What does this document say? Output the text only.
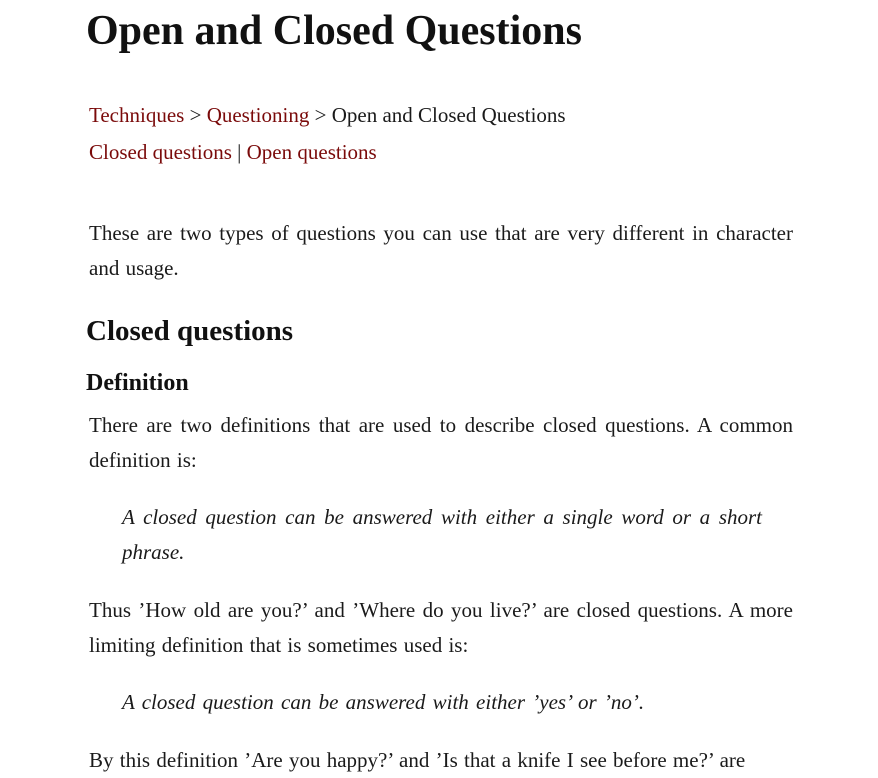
Open and Closed Questions
Techniques > Questioning > Open and Closed Questions
Closed questions | Open questions

These are two types of questions you can use that are very different in character and usage.

Closed questions
Definition

There are two definitions that are used to describe closed questions. A common definition is:

A closed question can be answered with either a single word or a short phrase.

Thus ’How old are you?’ and ’Where do you live?’ are closed questions. A more limiting definition that is sometimes used is:

A closed question can be answered with either ’yes’ or ’no’.

By this definition ’Are you happy?’ and ’Is that a knife I see before me?’ are
